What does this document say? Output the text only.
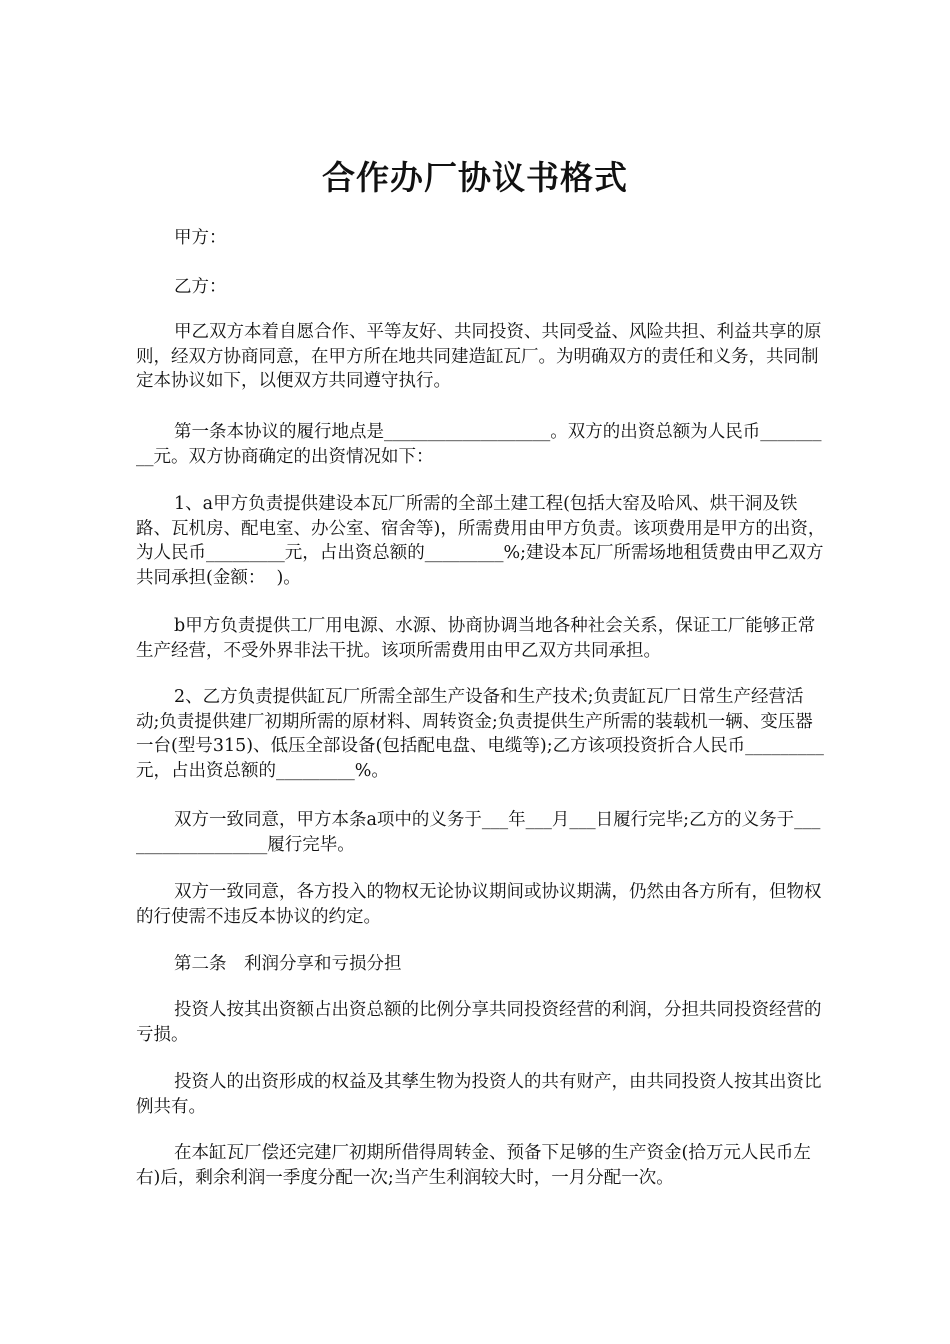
合作办厂协议书格式
甲方：
乙方：
甲乙双方本着自愿合作、平等友好、共同投资、共同受益、风险共担、利益共享的原则，经双方协商同意，在甲方所在地共同建造缸瓦厂。为明确双方的责任和义务，共同制定本协议如下，以便双方共同遵守执行。
第一条本协议的履行地点是___________________。双方的出资总额为人民币_________元。双方协商确定的出资情况如下：
1、a甲方负责提供建设本瓦厂所需的全部土建工程(包括大窑及哈风、烘干洞及铁路、瓦机房、配电室、办公室、宿舍等)，所需费用由甲方负责。该项费用是甲方的出资，为人民币_________元，占出资总额的_________%;建设本瓦厂所需场地租赁费由甲乙双方共同承担(金额：  )。
b甲方负责提供工厂用电源、水源、协商协调当地各种社会关系，保证工厂能够正常生产经营，不受外界非法干扰。该项所需费用由甲乙双方共同承担。
2、乙方负责提供缸瓦厂所需全部生产设备和生产技术;负责缸瓦厂日常生产经营活动;负责提供建厂初期所需的原材料、周转资金;负责提供生产所需的装载机一辆、变压器一台(型号315)、低压全部设备(包括配电盘、电缆等);乙方该项投资折合人民币_________元，占出资总额的_________%。
双方一致同意，甲方本条a项中的义务于___年___月___日履行完毕;乙方的义务于__________________履行完毕。
双方一致同意，各方投入的物权无论协议期间或协议期满，仍然由各方所有，但物权的行使需不违反本协议的约定。
第二条　利润分享和亏损分担
投资人按其出资额占出资总额的比例分享共同投资经营的利润，分担共同投资经营的亏损。
投资人的出资形成的权益及其孳生物为投资人的共有财产，由共同投资人按其出资比例共有。
在本缸瓦厂偿还完建厂初期所借得周转金、预备下足够的生产资金(拾万元人民币左右)后，剩余利润一季度分配一次;当产生利润较大时，一月分配一次。
